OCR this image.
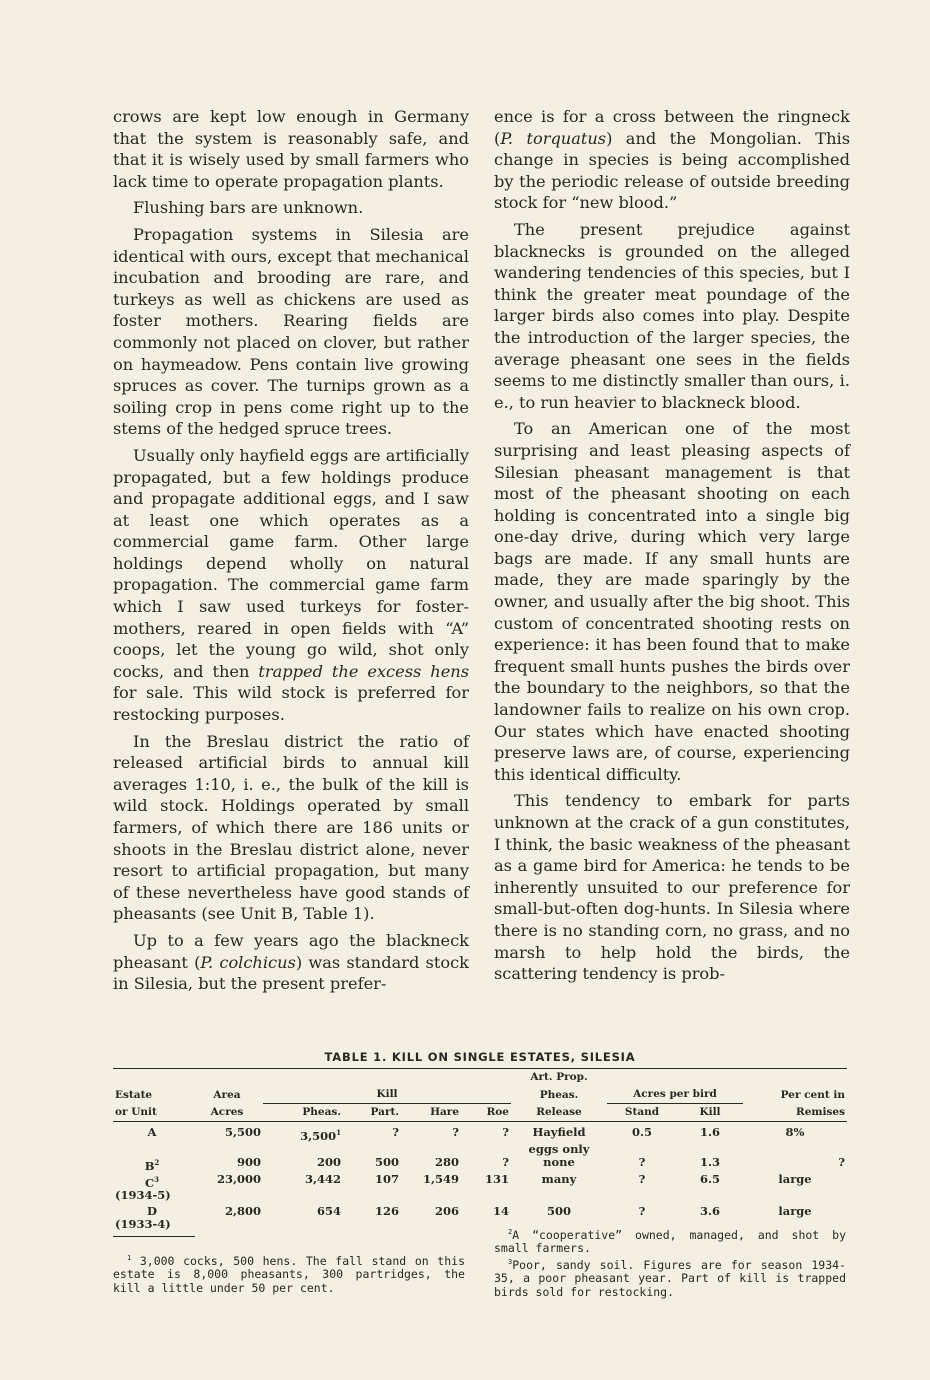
crows are kept low enough in Germany that the system is reasonably safe, and that it is wisely used by small farmers who lack time to operate propagation plants.

Flushing bars are unknown.

Propagation systems in Silesia are identical with ours, except that mechanical incubation and brooding are rare, and turkeys as well as chickens are used as foster mothers. Rearing fields are commonly not placed on clover, but rather on haymeadow. Pens contain live growing spruces as cover. The turnips grown as a soiling crop in pens come right up to the stems of the hedged spruce trees.

Usually only hayfield eggs are artificially propagated, but a few holdings produce and propagate additional eggs, and I saw at least one which operates as a commercial game farm. Other large holdings depend wholly on natural propagation. The commercial game farm which I saw used turkeys for foster-mothers, reared in open fields with “A” coops, let the young go wild, shot only cocks, and then trapped the excess hens for sale. This wild stock is preferred for restocking purposes.

In the Breslau district the ratio of released artificial birds to annual kill averages 1:10, i. e., the bulk of the kill is wild stock. Holdings operated by small farmers, of which there are 186 units or shoots in the Breslau district alone, never resort to artificial propagation, but many of these nevertheless have good stands of pheasants (see Unit B, Table 1).

Up to a few years ago the blackneck pheasant (P. colchicus) was standard stock in Silesia, but the present prefer-

ence is for a cross between the ringneck (P. torquatus) and the Mongolian. This change in species is being accomplished by the periodic release of outside breeding stock for “new blood.”

The present prejudice against blacknecks is grounded on the alleged wandering tendencies of this species, but I think the greater meat poundage of the larger birds also comes into play. Despite the introduction of the larger species, the average pheasant one sees in the fields seems to me distinctly smaller than ours, i. e., to run heavier to blackneck blood.

To an American one of the most surprising and least pleasing aspects of Silesian pheasant management is that most of the pheasant shooting on each holding is concentrated into a single big one-day drive, during which very large bags are made. If any small hunts are made, they are made sparingly by the owner, and usually after the big shoot. This custom of concentrated shooting rests on experience: it has been found that to make frequent small hunts pushes the birds over the boundary to the neighbors, so that the landowner fails to realize on his own crop. Our states which have enacted shooting preserve laws are, of course, experiencing this identical difficulty.

This tendency to embark for parts unknown at the crack of a gun constitutes, I think, the basic weakness of the pheasant as a game bird for America: he tends to be inherently unsuited to our preference for small-but-often dog-hunts. In Silesia where there is no standing corn, no grass, and no marsh to help hold the birds, the scattering tendency is prob-

TABLE 1. KILL ON SINGLE ESTATES, SILESIA
						Art. Prop.			
Estate	Area	Kill				Pheas.	Acres per bird		Per cent in
or Unit	Acres	Pheas.	Part.	Hare	Roe	Release	Stand	Kill	Remises
A	5,500	3,500$^1$	?	?	?	Hayfield	0.5	1.6	8%
						eggs only			
$B^2$	900	200	500	280	?	none	?	1.3	?
$C^3$	23,000	3,442	107	1,549	131	many	?	6.5	large
(1934-5)									
D	2,800	654	126	206	14	500	?	3.6	large
(1933-4)									

$^1$ 3,000 cocks, 500 hens. The fall stand on this estate is 8,000 pheasants, 300 partridges, the kill a little under 50 per cent.

$^2$A “cooperative” owned, managed, and shot by small farmers.

$^3$Poor, sandy soil. Figures are for season 1934-35, a poor pheasant year. Part of kill is trapped birds sold for restocking.
